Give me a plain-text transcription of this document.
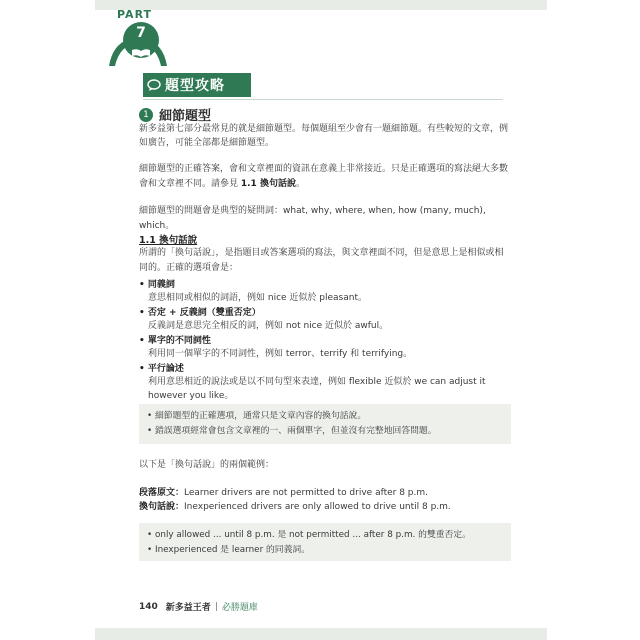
PART
7
題型攻略
1 細節題型
新多益第七部分最常見的就是細節題型。每個題組至少會有一題細節題。有些較短的文章，例
如廣告，可能全部都是細節題型。
細節題型的正確答案，會和文章裡面的資訊在意義上非常接近。只是正確選項的寫法絕大多數
會和文章裡不同。請參見 1.1 換句話說。
細節題型的問題會是典型的疑問詞：what, why, where, when, how (many, much), which。
1.1 換句話說
所謂的「換句話說」，是指題目或答案選項的寫法，與文章裡面不同，但是意思上是相似或相
同的。正確的選項會是：
• 同義詞
意思相同或相似的詞語，例如 nice 近似於 pleasant。
• 否定 + 反義詞（雙重否定）
反義詞是意思完全相反的詞，例如 not nice 近似於 awful。
• 單字的不同詞性
利用同一個單字的不同詞性，例如 terror、terrify 和 terrifying。
• 平行論述
利用意思相近的說法或是以不同句型來表達，例如 flexible 近似於 we can adjust it however you like。
• 細節題型的正確選項，通常只是文章內容的換句話說。
• 錯誤選項經常會包含文章裡的一、兩個單字，但並沒有完整地回答問題。
以下是「換句話說」的兩個範例：
段落原文：Learner drivers are not permitted to drive after 8 p.m.
換句話說：Inexperienced drivers are only allowed to drive until 8 p.m.
• only allowed ... until 8 p.m. 是 not permitted ... after 8 p.m. 的雙重否定。
• Inexperienced 是 learner 的同義詞。
140 新多益王者 | 必勝題庫
